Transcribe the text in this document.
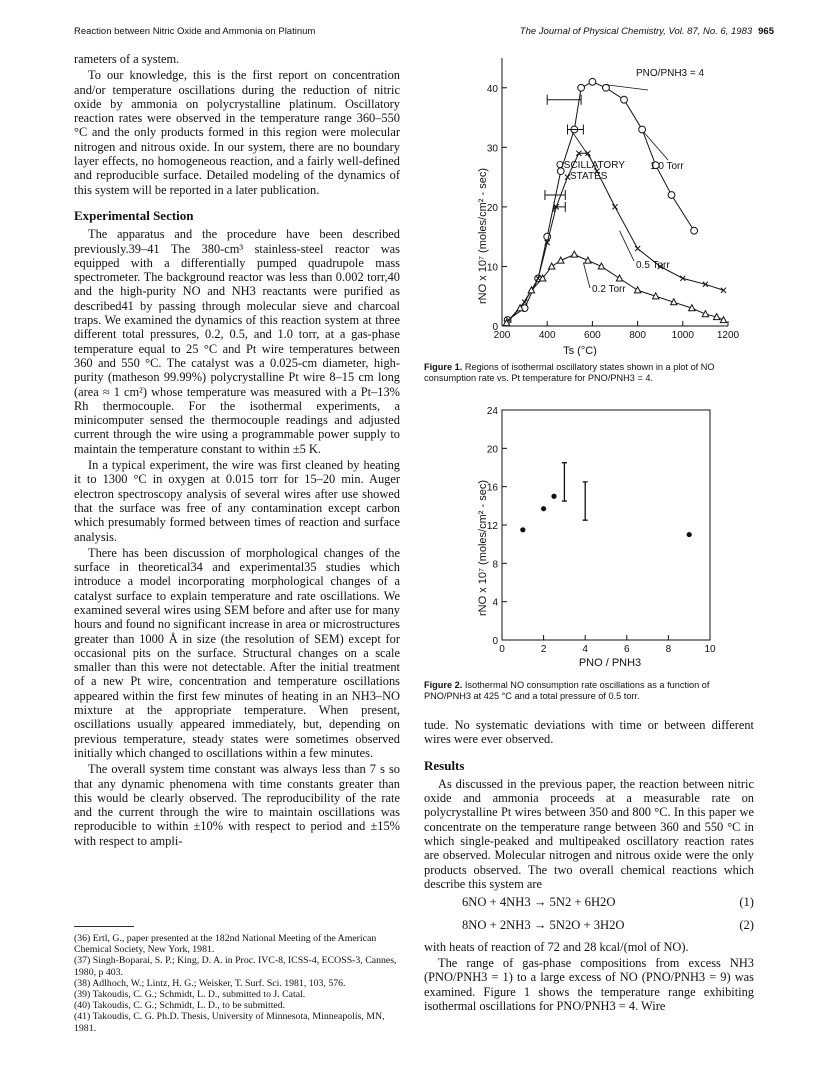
Reaction between Nitric Oxide and Ammonia on Platinum	The Journal of Physical Chemistry, Vol. 87, No. 6, 1983 965

rameters of a system.

To our knowledge, this is the first report on concentration and/or temperature oscillations during the reduction of nitric oxide by ammonia on polycrystalline platinum. Oscillatory reaction rates were observed in the temperature range 360–550 °C and the only products formed in this region were molecular nitrogen and nitrous oxide. In our system, there are no boundary layer effects, no homogeneous reaction, and a fairly well-defined and reproducible surface. Detailed modeling of the dynamics of this system will be reported in a later publication.

Experimental Section

The apparatus and the procedure have been described previously.39–41 The 380-cm³ stainless-steel reactor was equipped with a differentially pumped quadrupole mass spectrometer. The background reactor was less than 0.002 torr,40 and the high-purity NO and NH3 reactants were purified as described41 by passing through molecular sieve and charcoal traps. We examined the dynamics of this reaction system at three different total pressures, 0.2, 0.5, and 1.0 torr, at a gas-phase temperature equal to 25 °C and Pt wire temperatures between 360 and 550 °C. The catalyst was a 0.025-cm diameter, high-purity (matheson 99.99%) polycrystalline Pt wire 8–15 cm long (area ≈ 1 cm²) whose temperature was measured with a Pt–13% Rh thermocouple. For the isothermal experiments, a minicomputer sensed the thermocouple readings and adjusted current through the wire using a programmable power supply to maintain the temperature constant to within ±5 K.

In a typical experiment, the wire was first cleaned by heating it to 1300 °C in oxygen at 0.015 torr for 15–20 min. Auger electron spectroscopy analysis of several wires after use showed that the surface was free of any contamination except carbon which presumably formed between times of reaction and surface analysis.

There has been discussion of morphological changes of the surface in theoretical34 and experimental35 studies which introduce a model incorporating morphological changes of a catalyst surface to explain temperature and rate oscillations. We examined several wires using SEM before and after use for many hours and found no significant increase in area or microstructures greater than 1000 Å in size (the resolution of SEM) except for occasional pits on the surface. Structural changes on a scale smaller than this were not detectable. After the initial treatment of a new Pt wire, concentration and temperature oscillations appeared within the first few minutes of heating in an NH3–NO mixture at the appropriate temperature. When present, oscillations usually appeared immediately, but, depending on previous temperature, steady states were sometimes observed initially which changed to oscillations within a few minutes.

The overall system time constant was always less than 7 s so that any dynamic phenomena with time constants greater than this would be clearly observed. The reproducibility of the rate and the current through the wire to maintain oscillations was reproducible to within ±10% with respect to period and ±15% with respect to ampli-

(36) Ertl, G., paper presented at the 182nd National Meeting of the American Chemical Society, New York, 1981.

(37) Singh-Boparai, S. P.; King, D. A. in Proc. IVC-8, ICSS-4, ECOSS-3, Cannes, 1980, p 403.

(38) Adlhoch, W.; Lintz, H. G.; Weisker, T. Surf. Sci. 1981, 103, 576.

(39) Takoudis, C. G.; Schmidt, L. D., submitted to J. Catal.

(40) Takoudis, C. G.; Schmidt, L. D., to be submitted.

(41) Takoudis, C. G. Ph.D. Thesis, University of Minnesota, Minneapolis, MN, 1981.

0
10
20
30
40
200	400	600	800	1000 1200
rNO x 10⁷ (moles/cm² - sec)
Ts (°C)
PNO/PNH3 = 4
OSCILLATORY
STATES
1.0 Torr
0.5 Torr
0.2 Torr
Figure 1. Regions of isothermal oscillatory states shown in a plot of NO consumption rate vs. Pt temperature for PNO/PNH3 = 4.
0
4
8
12
16
20
24
0	2	4	6	8	10
rNO x 10⁷ (moles/cm² - sec)
PNO / PNH3
Figure 2. Isothermal NO consumption rate oscillations as a function of PNO/PNH3 at 425 °C and a total pressure of 0.5 torr.

tude. No systematic deviations with time or between different wires were ever observed.

Results

As discussed in the previous paper, the reaction between nitric oxide and ammonia proceeds at a measurable rate on polycrystalline Pt wires between 350 and 800 °C. In this paper we concentrate on the temperature range between 360 and 550 °C in which single-peaked and multipeaked oscillatory reaction rates are observed. Molecular nitrogen and nitrous oxide were the only products observed. The two overall chemical reactions which describe this system are

6NO + 4NH3 → 5N2 + 6H2O	(1)
8NO + 2NH3 → 5N2O + 3H2O	(2)

with heats of reaction of 72 and 28 kcal/(mol of NO).

The range of gas-phase compositions from excess NH3 (PNO/PNH3 = 1) to a large excess of NO (PNO/PNH3 = 9) was examined. Figure 1 shows the temperature range exhibiting isothermal oscillations for PNO/PNH3 = 4. Wire
